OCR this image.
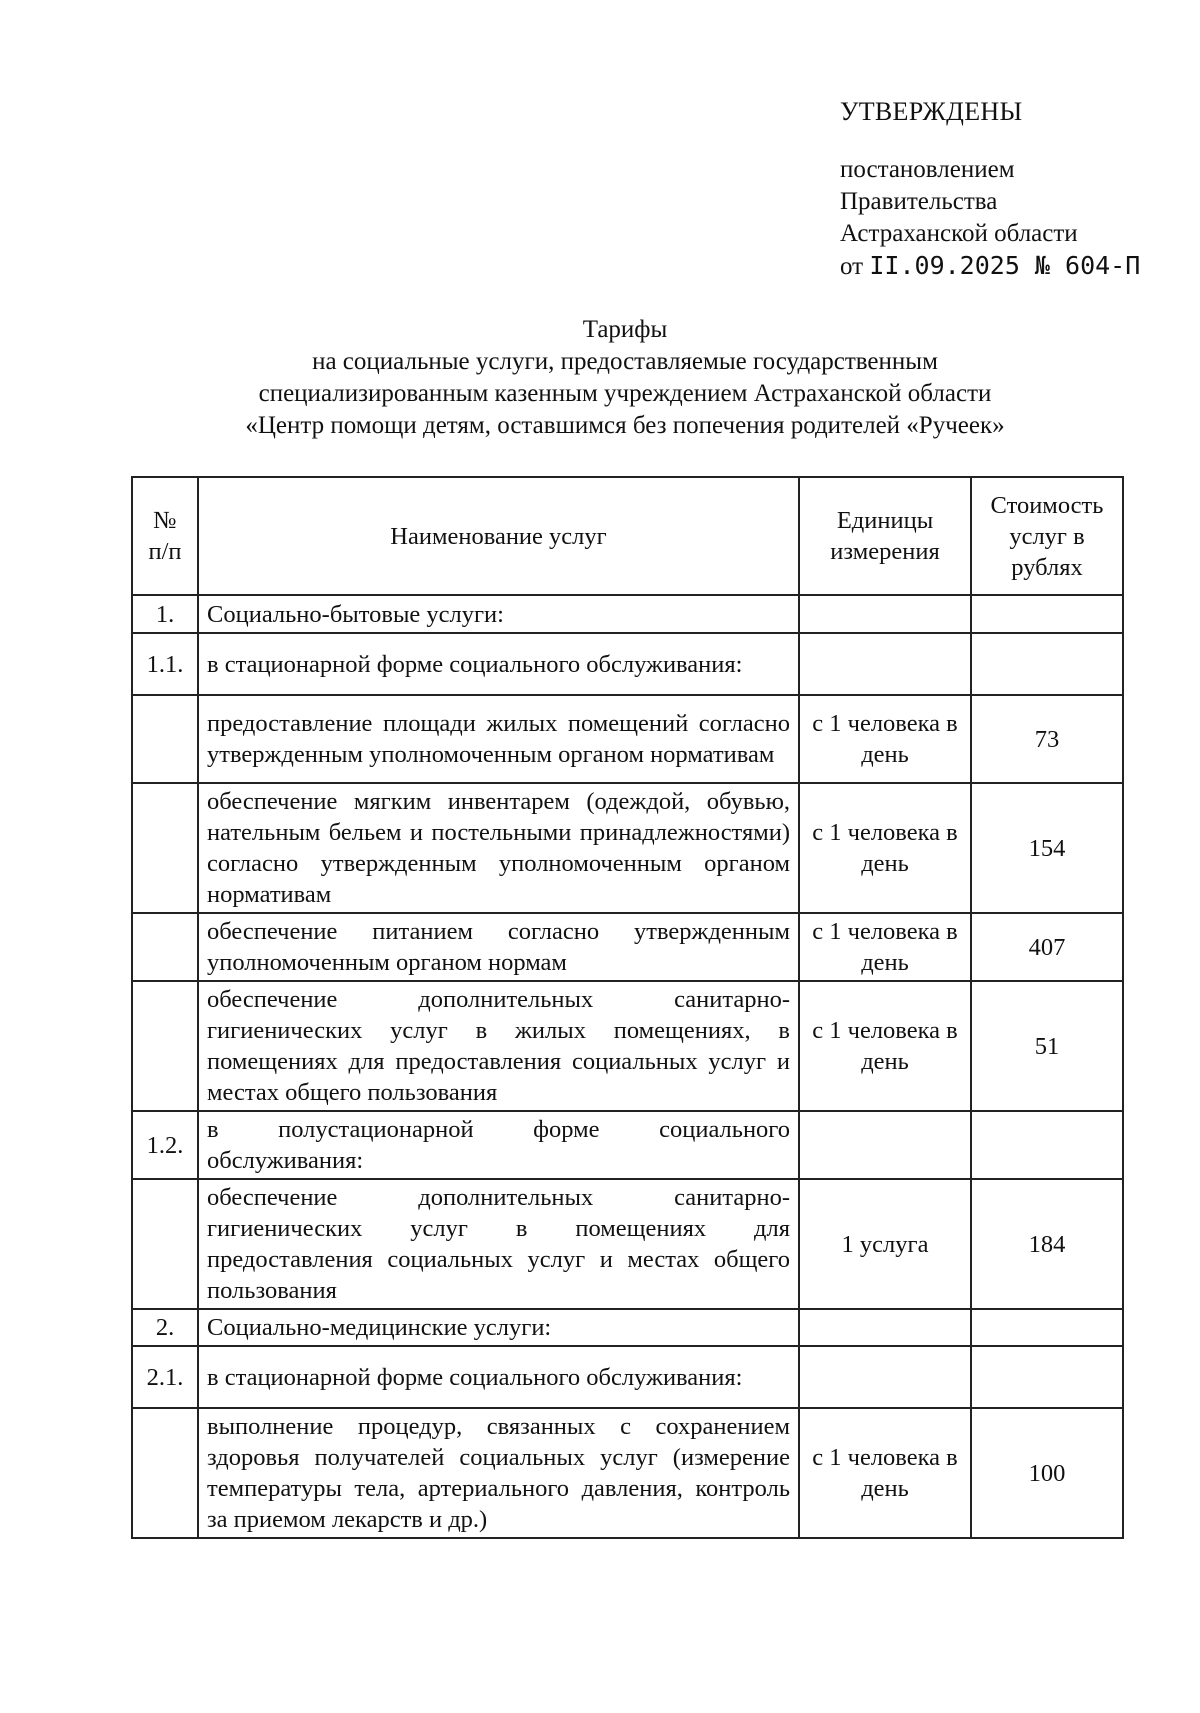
УТВЕРЖДЕНЫ
постановлением
Правительства
Астраханской области
от II.09.2025 № 604-П
Тарифы
на социальные услуги, предоставляемые государственным
специализированным казенным учреждением Астраханской области
«Центр помощи детям, оставшимся без попечения родителей «Ручеек»
№ п/п	Наименование услуг	Единицы измерения	Стоимость услуг в рублях
1.	Социально-бытовые услуги:		
1.1.	в стационарной форме социального обслуживания:		
	предоставление площади жилых помещений согласно утвержденным уполномоченным органом нормативам	с 1 человека в день	73
	обеспечение мягким инвентарем (одеждой, обувью, нательным бельем и постельными принадлежностями) согласно утвержденным уполномоченным органом нормативам	с 1 человека в день	154
	обеспечение питанием согласно утвержденным уполномоченным органом нормам	с 1 человека в день	407
	обеспечение дополнительных санитарно-гигиенических услуг в жилых помещениях, в помещениях для предоставления социальных услуг и местах общего пользования	с 1 человека в день	51
1.2.	в полустационарной форме социального обслуживания:		
	обеспечение дополнительных санитарно-гигиенических услуг в помещениях для предоставления социальных услуг и местах общего пользования	1 услуга	184
2.	Социально-медицинские услуги:		
2.1.	в стационарной форме социального обслуживания:		
	выполнение процедур, связанных с сохранением здоровья получателей социальных услуг (измерение температуры тела, артериального давления, контроль за приемом лекарств и др.)	с 1 человека в день	100
